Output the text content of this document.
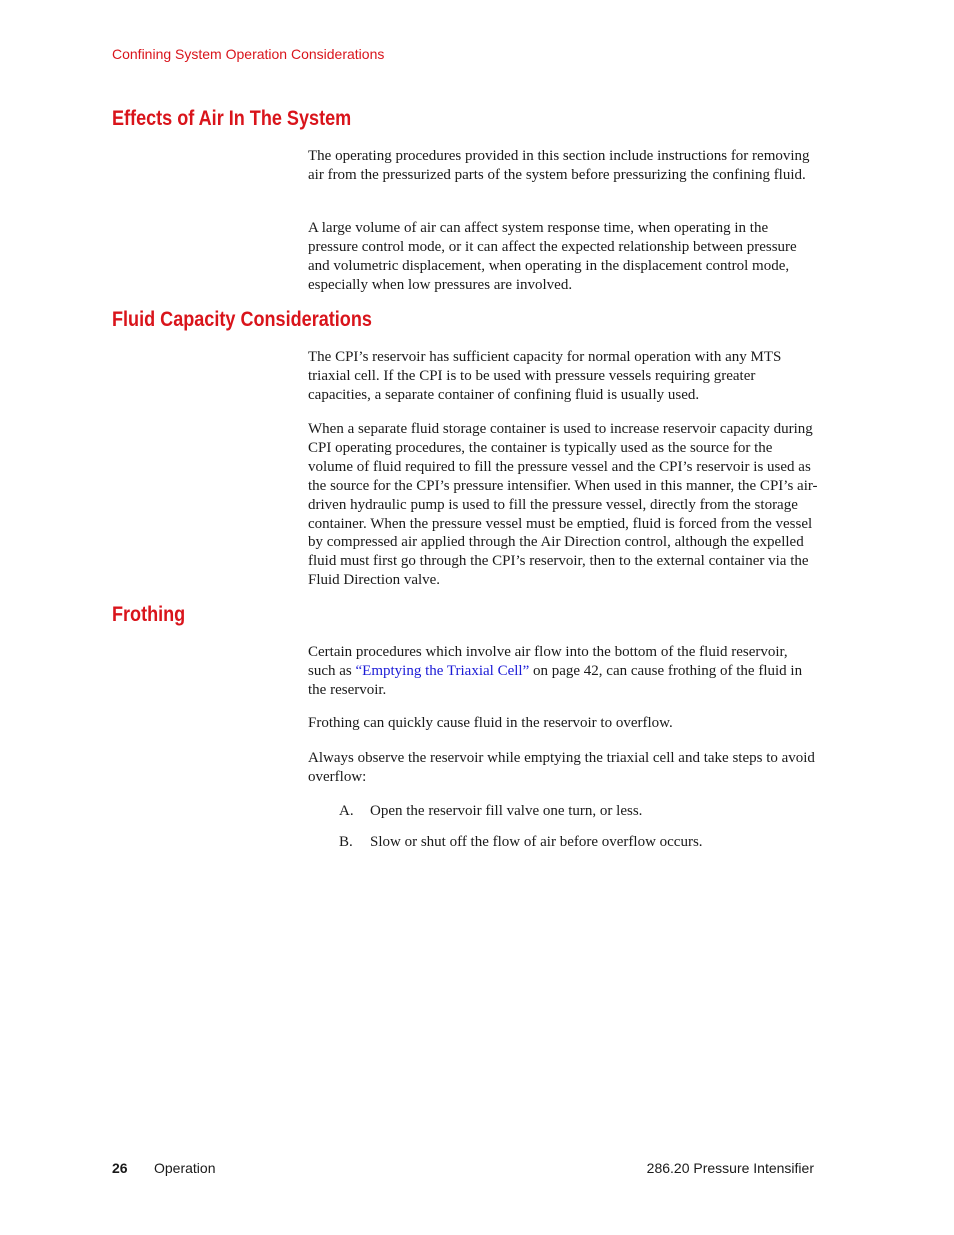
Confining System Operation Considerations
Effects of Air In The System

The operating procedures provided in this section include instructions for removing air from the pressurized parts of the system before pressurizing the confining fluid.

A large volume of air can affect system response time, when operating in the pressure control mode, or it can affect the expected relationship between pressure and volumetric displacement, when operating in the displacement control mode, especially when low pressures are involved.

Fluid Capacity Considerations

The CPI’s reservoir has sufficient capacity for normal operation with any MTS triaxial cell. If the CPI is to be used with pressure vessels requiring greater capacities, a separate container of confining fluid is usually used.

When a separate fluid storage container is used to increase reservoir capacity during CPI operating procedures, the container is typically used as the source for the volume of fluid required to fill the pressure vessel and the CPI’s reservoir is used as the source for the CPI’s pressure intensifier. When used in this manner, the CPI’s air-driven hydraulic pump is used to fill the pressure vessel, directly from the storage container. When the pressure vessel must be emptied, fluid is forced from the vessel by compressed air applied through the Air Direction control, although the expelled fluid must first go through the CPI’s reservoir, then to the external container via the Fluid Direction valve.

Frothing

Certain procedures which involve air flow into the bottom of the fluid reservoir, such as “Emptying the Triaxial Cell” on page 42, can cause frothing of the fluid in the reservoir.

Frothing can quickly cause fluid in the reservoir to overflow.

Always observe the reservoir while emptying the triaxial cell and take steps to avoid overflow:

A. Open the reservoir fill valve one turn, or less.
B. Slow or shut off the flow of air before overflow occurs.
26 Operation	286.20 Pressure Intensifier
